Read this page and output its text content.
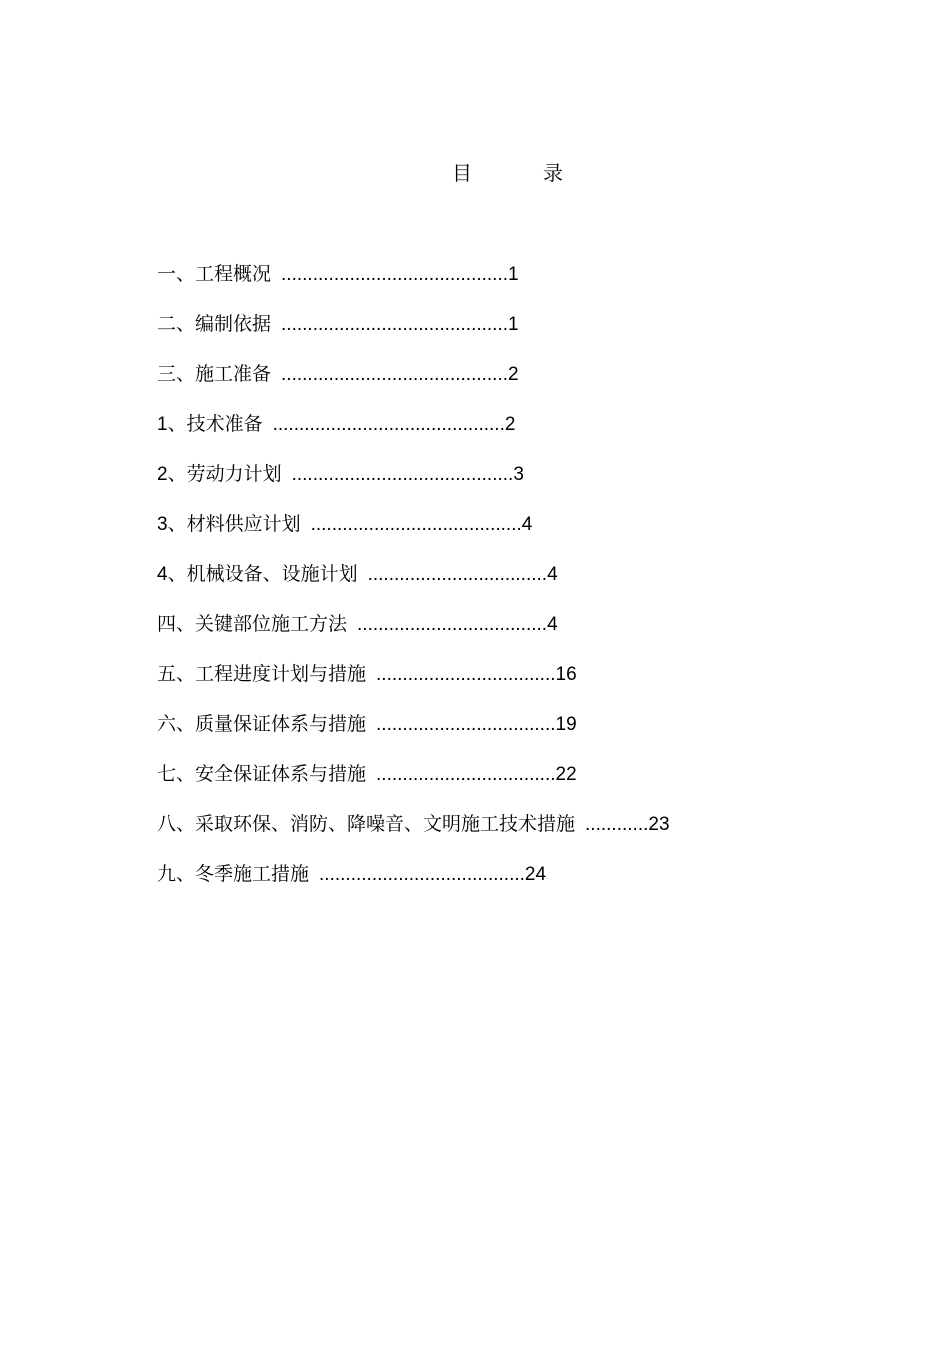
目	录
一、工程概况 ...........................................1
二、编制依据 ...........................................1
三、施工准备 ...........................................2
1、技术准备 ............................................2
2、劳动力计划 ..........................................3
3、材料供应计划 ........................................4
4、机械设备、设施计划 ..................................4
四、关键部位施工方法 ....................................4
五、工程进度计划与措施 ..................................16
六、质量保证体系与措施 ..................................19
七、安全保证体系与措施 ..................................22
八、采取环保、消防、降噪音、文明施工技术措施 ............23
九、冬季施工措施 .......................................24
